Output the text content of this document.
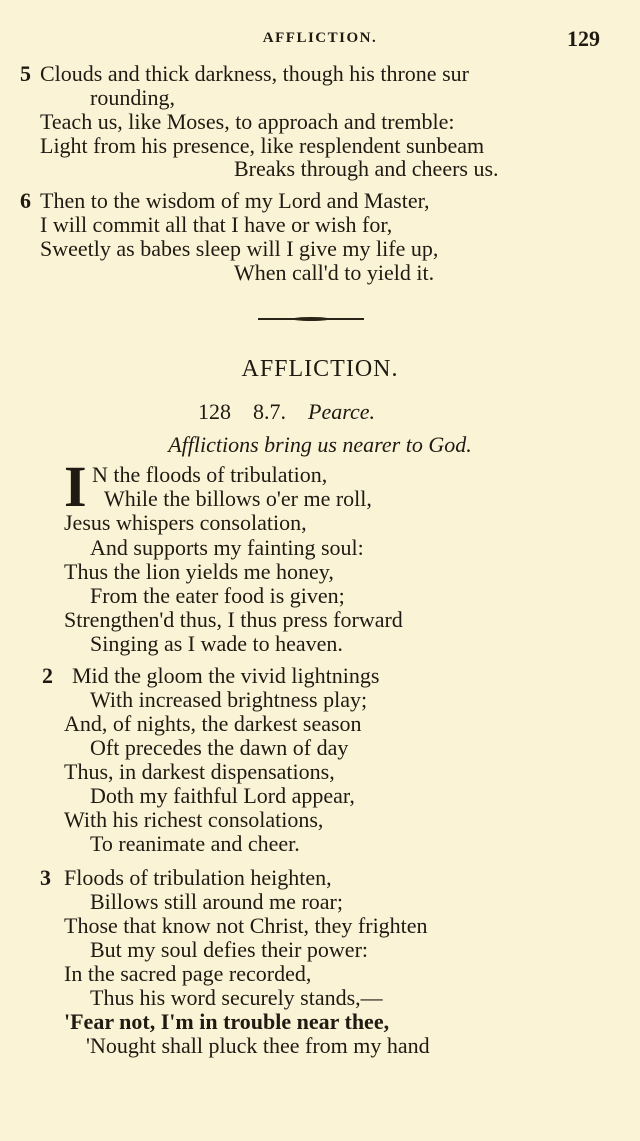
AFFLICTION.	129
5 Clouds and thick darkness, though his throne sur
rounding,
Teach us, like Moses, to approach and tremble:
Light from his presence, like resplendent sunbeam
Breaks through and cheers us.
6 Then to the wisdom of my Lord and Master,
I will commit all that I have or wish for,
Sweetly as babes sleep will I give my life up,
When call'd to yield it.
AFFLICTION.
128 8.7. Pearce.
Afflictions bring us nearer to God.
I N the floods of tribulation,
While the billows o'er me roll,
Jesus whispers consolation,
And supports my fainting soul:
Thus the lion yields me honey,
From the eater food is given;
Strengthen'd thus, I thus press forward
Singing as I wade to heaven.
2 Mid the gloom the vivid lightnings
With increased brightness play;
And, of nights, the darkest season
Oft precedes the dawn of day
Thus, in darkest dispensations,
Doth my faithful Lord appear,
With his richest consolations,
To reanimate and cheer.
3 Floods of tribulation heighten,
Billows still around me roar;
Those that know not Christ, they frighten
But my soul defies their power:
In the sacred page recorded,
Thus his word securely stands,—
'Fear not, I'm in trouble near thee,
'Nought shall pluck thee from my hand
